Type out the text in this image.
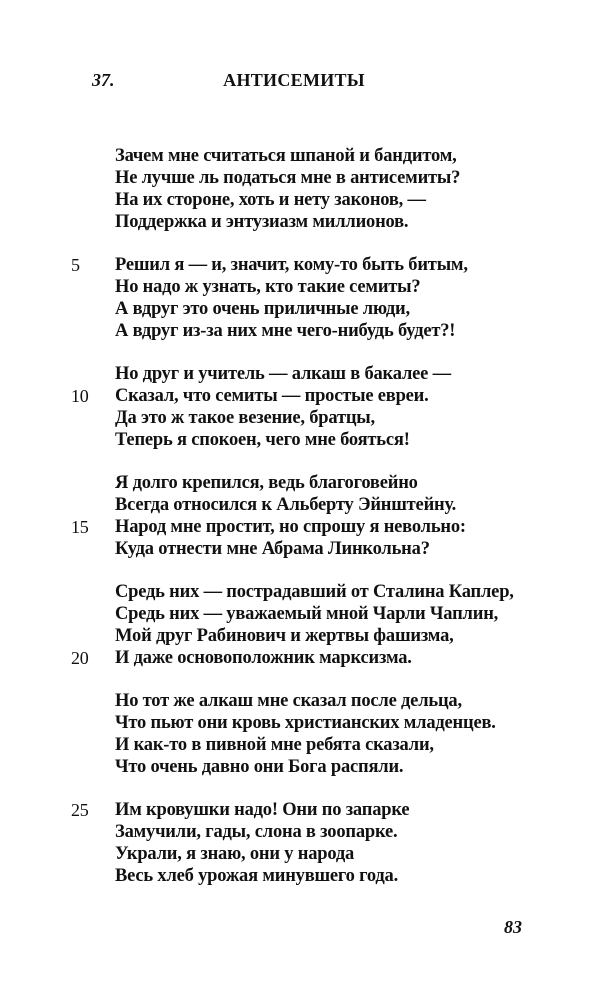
37.	АНТИСЕМИТЫ
Зачем мне считаться шпаной и бандитом,
Не лучше ль податься мне в антисемиты?
На их стороне, хоть и нету законов, —
Поддержка и энтузиазм миллионов.
5	Решил я — и, значит, кому-то быть битым,
Но надо ж узнать, кто такие семиты?
А вдруг это очень приличные люди,
А вдруг из-за них мне чего-нибудь будет?!
Но друг и учитель — алкаш в бакалее —
10	Сказал, что семиты — простые евреи.
Да это ж такое везение, братцы,
Теперь я спокоен, чего мне бояться!
Я долго крепился, ведь благоговейно
Всегда относился к Альберту Эйнштейну.
15	Народ мне простит, но спрошу я невольно:
Куда отнести мне Абрама Линкольна?
Средь них — пострадавший от Сталина Каплер,
Средь них — уважаемый мной Чарли Чаплин,
Мой друг Рабинович и жертвы фашизма,
20	И даже основоположник марксизма.
Но тот же алкаш мне сказал после дельца,
Что пьют они кровь христианских младенцев.
И как-то в пивной мне ребята сказали,
Что очень давно они Бога распяли.
25	Им кровушки надо! Они по запарке
Замучили, гады, слона в зоопарке.
Украли, я знаю, они у народа
Весь хлеб урожая минувшего года.
83
